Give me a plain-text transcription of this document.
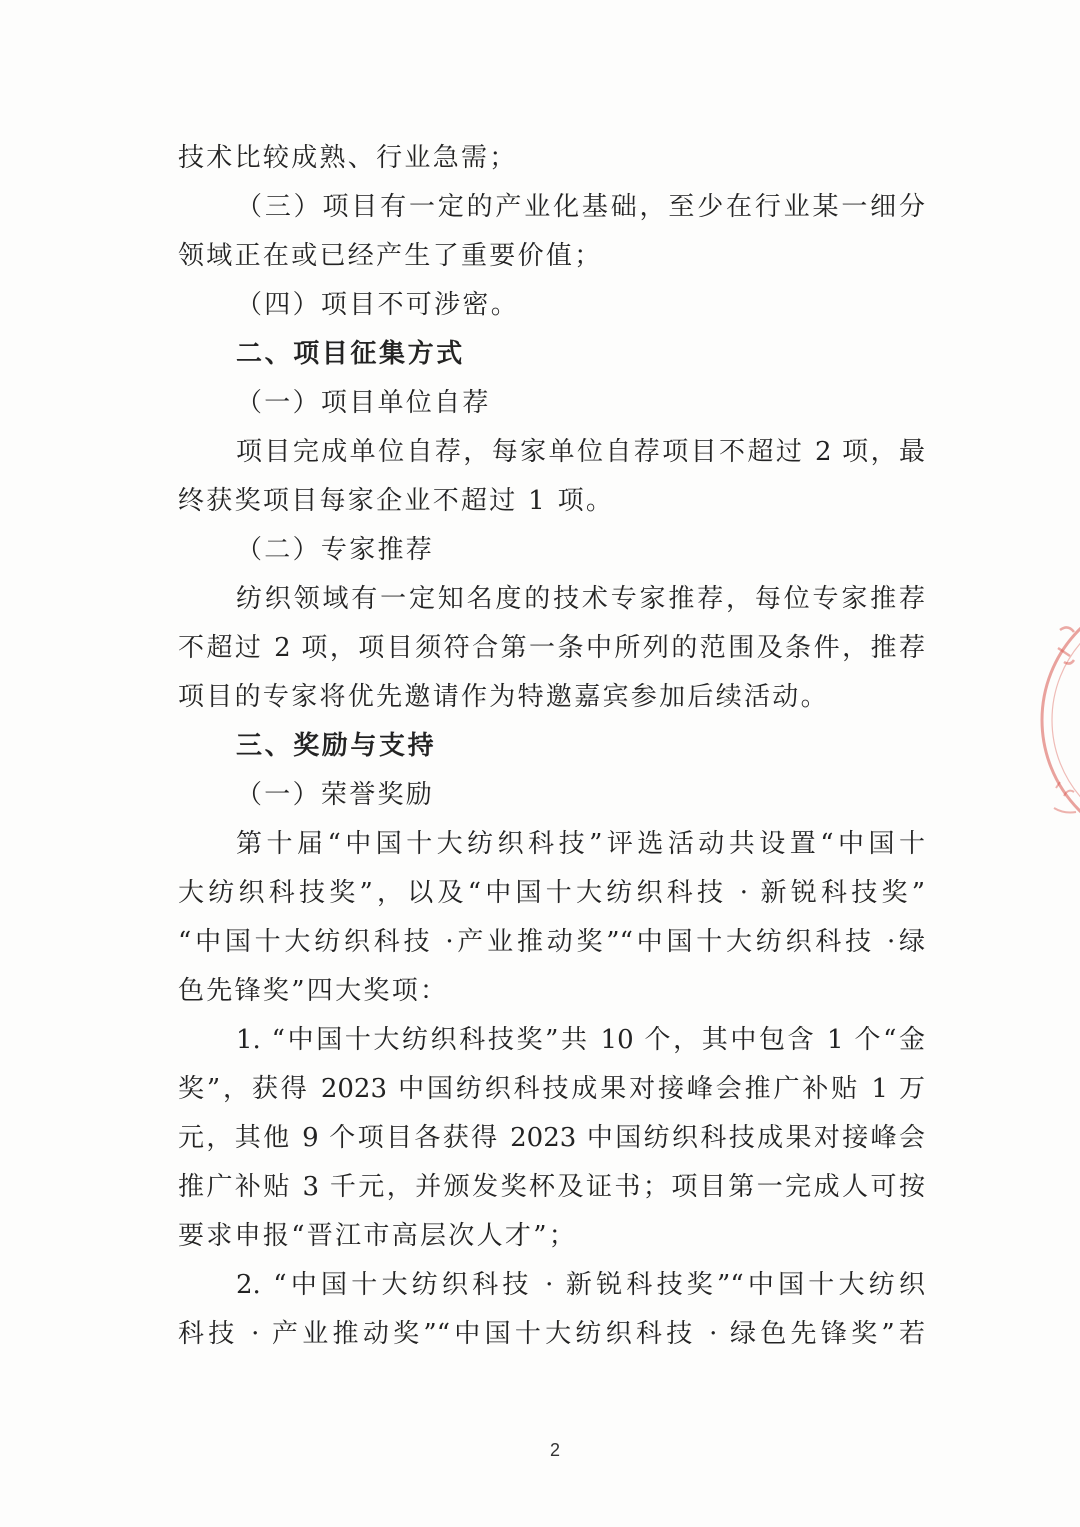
技术比较成熟、行业急需；
（三）项目有一定的产业化基础，至少在行业某一细分
领域正在或已经产生了重要价值；
（四）项目不可涉密。
二、项目征集方式
（一）项目单位自荐
项目完成单位自荐，每家单位自荐项目不超过 2 项，最
终获奖项目每家企业不超过 1 项。
（二）专家推荐
纺织领域有一定知名度的技术专家推荐，每位专家推荐
不超过 2 项，项目须符合第一条中所列的范围及条件，推荐
项目的专家将优先邀请作为特邀嘉宾参加后续活动。
三、奖励与支持
（一）荣誉奖励
第十届“中国十大纺织科技”评选活动共设置“中国十
大纺织科技奖”，以及“中国十大纺织科技 · 新锐科技奖”
“中国十大纺织科技 ·产业推动奖”“中国十大纺织科技 ·绿
色先锋奖”四大奖项：
1. “中国十大纺织科技奖”共 10 个，其中包含 1 个“金
奖”，获得 2023 中国纺织科技成果对接峰会推广补贴 1 万
元，其他 9 个项目各获得 2023 中国纺织科技成果对接峰会
推广补贴 3 千元，并颁发奖杯及证书；项目第一完成人可按
要求申报“晋江市高层次人才”；
2. “中国十大纺织科技 · 新锐科技奖”“中国十大纺织
科技 · 产业推动奖”“中国十大纺织科技 · 绿色先锋奖”若
2
